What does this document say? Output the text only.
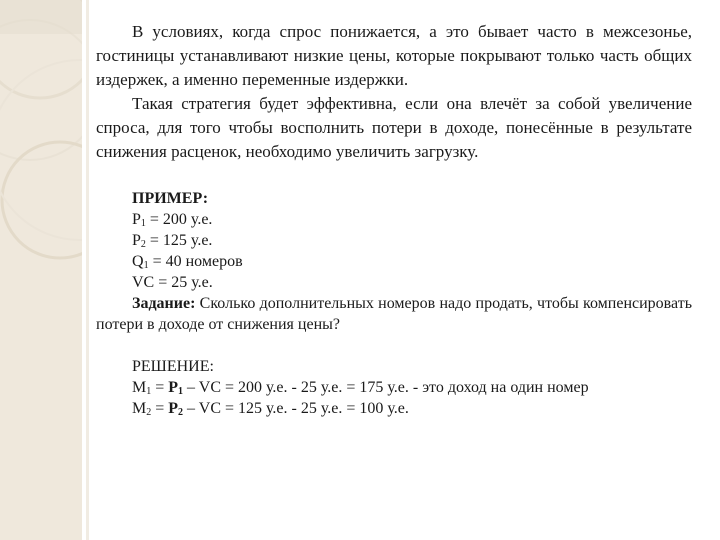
В условиях, когда спрос понижается, а это бывает часто в межсезонье, гостиницы устанавливают низкие цены, которые покрывают только часть общих издержек, а именно переменные издержки.

Такая стратегия будет эффективна, если она влечёт за собой увеличение спроса, для того чтобы восполнить потери в доходе, понесённые в результате снижения расценок, необходимо увеличить загрузку.

ПРИМЕР:
$P_1 = 200$ у.е.
$P_2 = 125$ у.е.
$Q_1 = 40$ номеров
VC = 25 у.е.

Задание: Сколько дополнительных номеров надо продать, чтобы компенсировать потери в доходе от снижения цены?

РЕШЕНИЕ:
$M_1 = P_1$ – VC = 200 у.е. - 25 у.е. = 175 у.е. - это доход на один номер
$M_2 = P_2$ – VC = 125 у.е. - 25 у.е. = 100 у.е.
